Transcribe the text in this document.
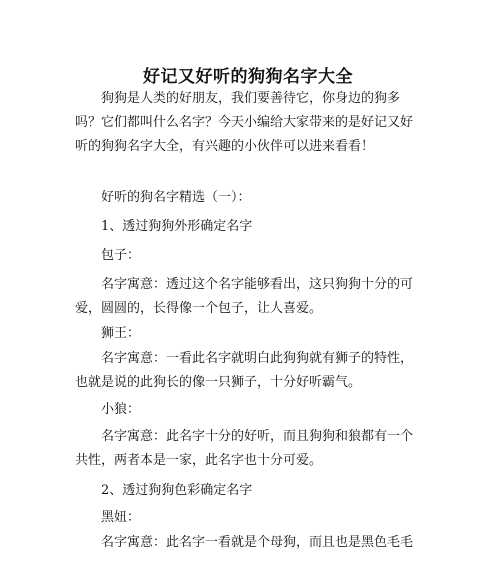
好记又好听的狗狗名字大全

狗狗是人类的好朋友，我们要善待它，你身边的狗多吗？它们都叫什么名字？今天小编给大家带来的是好记又好听的狗狗名字大全，有兴趣的小伙伴可以进来看看！

好听的狗名字精选（一）：

1、透过狗狗外形确定名字

包子：

名字寓意：透过这个名字能够看出，这只狗狗十分的可爱，圆圆的，长得像一个包子，让人喜爱。

狮王：

名字寓意：一看此名字就明白此狗狗就有狮子的特性，也就是说的此狗长的像一只狮子，十分好听霸气。

小狼：

名字寓意：此名字十分的好听，而且狗狗和狼都有一个共性，两者本是一家，此名字也十分可爱。

2、透过狗狗色彩确定名字

黑妞：

名字寓意：此名字一看就是个母狗，而且也是黑色毛毛
